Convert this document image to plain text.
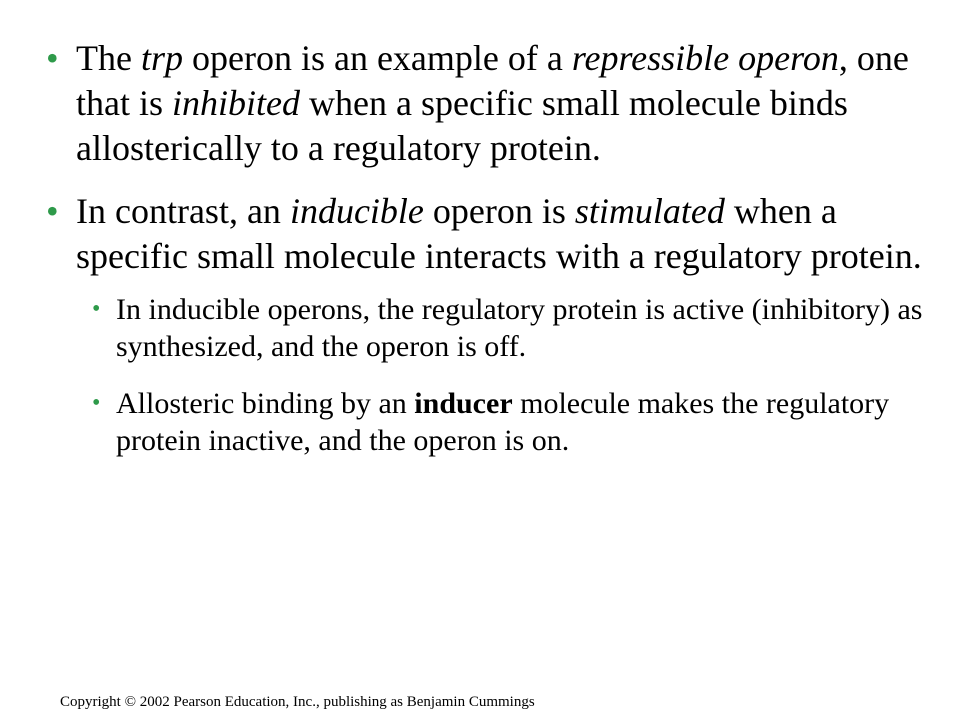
• The trp operon is an example of a repressible operon, one that is inhibited when a specific small molecule binds allosterically to a regulatory protein.
• In contrast, an inducible operon is stimulated when a specific small molecule interacts with a regulatory protein.
• In inducible operons, the regulatory protein is active (inhibitory) as synthesized, and the operon is off.
• Allosteric binding by an inducer molecule makes the regulatory protein inactive, and the operon is on.
Copyright © 2002 Pearson Education, Inc., publishing as Benjamin Cummings
